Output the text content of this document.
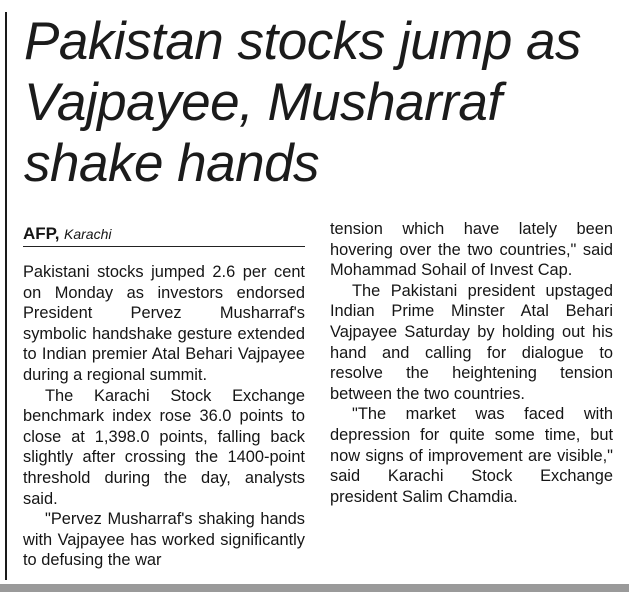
Pakistan stocks jump as
Vajpayee, Musharraf
shake hands
AFP, Karachi

Pakistani stocks jumped 2.6 per cent on Monday as investors endorsed President Pervez Musharraf's symbolic handshake gesture extended to Indian premier Atal Behari Vajpayee during a regional summit.

The Karachi Stock Exchange benchmark index rose 36.0 points to close at 1,398.0 points, falling back slightly after crossing the 1400-point threshold during the day, analysts said.

"Pervez Musharraf's shaking hands with Vajpayee has worked significantly to defusing the war

tension which have lately been hovering over the two countries," said Mohammad Sohail of Invest Cap.

The Pakistani president upstaged Indian Prime Minster Atal Behari Vajpayee Saturday by holding out his hand and calling for dialogue to resolve the heightening tension between the two countries.

"The market was faced with depression for quite some time, but now signs of improvement are visible," said Karachi Stock Exchange president Salim Chamdia.
